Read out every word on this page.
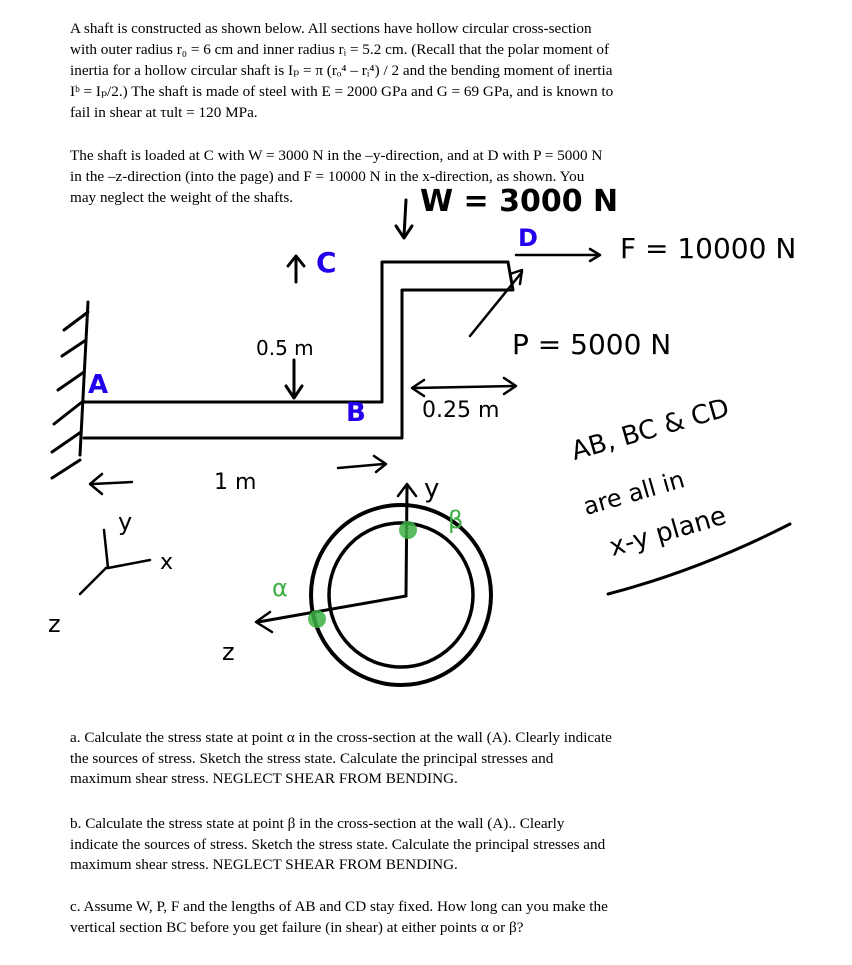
A shaft is constructed as shown below. All sections have hollow circular cross-section
with outer radius r₀ = 6 cm and inner radius rᵢ = 5.2 cm. (Recall that the polar moment of
inertia for a hollow circular shaft is Iₚ = π (rₒ⁴ – rᵢ⁴) / 2 and the bending moment of inertia
Iᵇ = Iₚ/2.) The shaft is made of steel with E = 2000 GPa and G = 69 GPa, and is known to
fail in shear at τult = 120 MPa.
The shaft is loaded at C with W = 3000 N in the –y-direction, and at D with P = 5000 N
in the –z-direction (into the page) and F = 10000 N in the x-direction, as shown. You
may neglect the weight of the shafts.	W = 3000 N
D	F = 10000 N
C
P = 5000 N
0.5 m
0.25 m
A
B
1 m
AB, BC & CD
are all in
x-y plane
y
x
z
y
z
α
β
a. Calculate the stress state at point α in the cross-section at the wall (A). Clearly indicate
the sources of stress. Sketch the stress state. Calculate the principal stresses and
maximum shear stress. NEGLECT SHEAR FROM BENDING.
b. Calculate the stress state at point β in the cross-section at the wall (A).. Clearly
indicate the sources of stress. Sketch the stress state. Calculate the principal stresses and
maximum shear stress. NEGLECT SHEAR FROM BENDING.
c. Assume W, P, F and the lengths of AB and CD stay fixed. How long can you make the
vertical section BC before you get failure (in shear) at either points α or β?
